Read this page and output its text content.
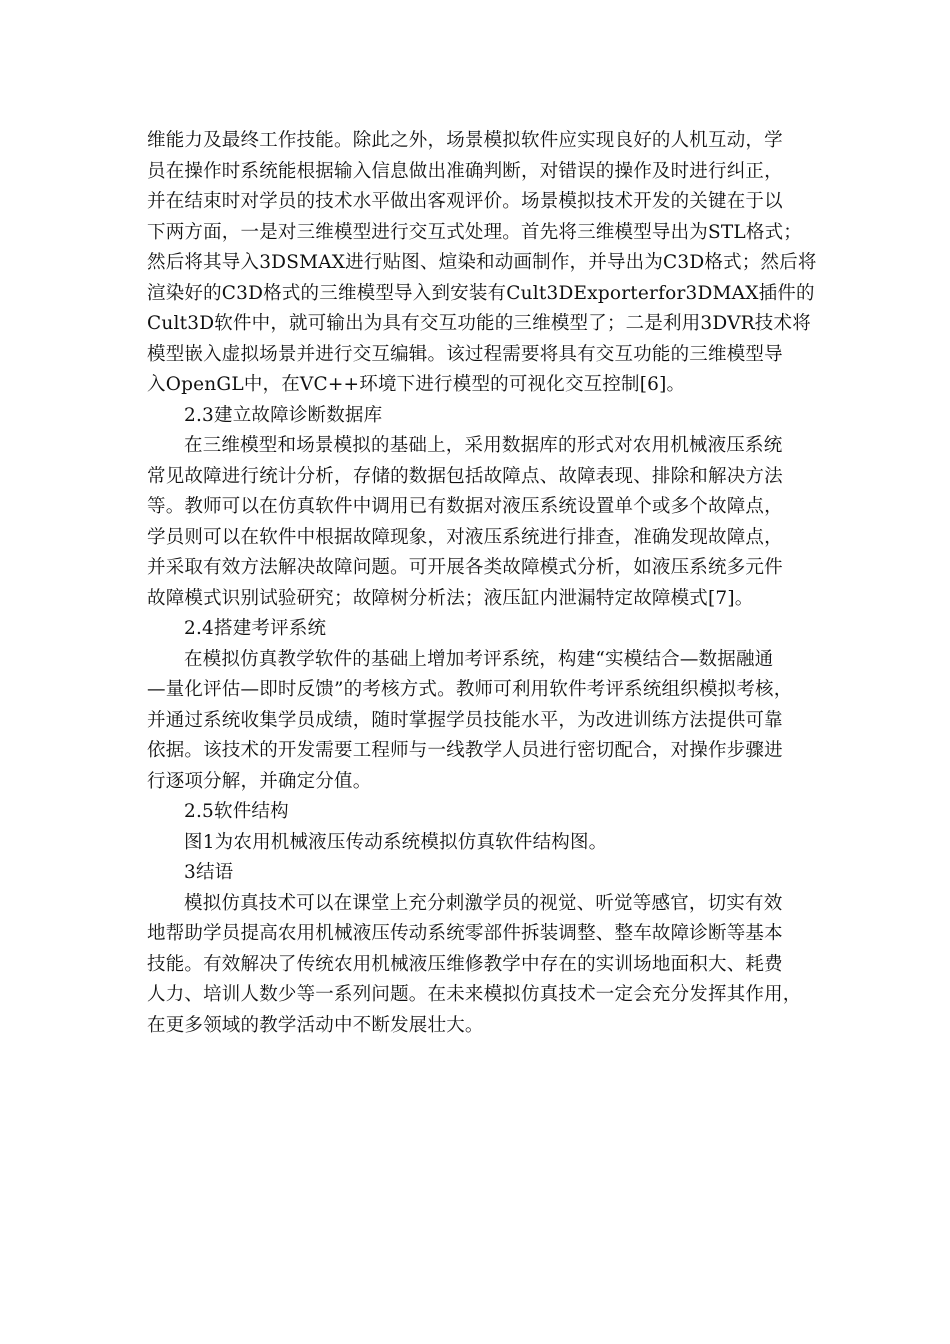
维能力及最终工作技能。除此之外，场景模拟软件应实现良好的人机互动，学
员在操作时系统能根据输入信息做出准确判断，对错误的操作及时进行纠正，
并在结束时对学员的技术水平做出客观评价。场景模拟技术开发的关键在于以
下两方面，一是对三维模型进行交互式处理。首先将三维模型导出为STL格式；
然后将其导入3DSMAX进行贴图、煊染和动画制作，并导出为C3D格式；然后将
渲染好的C3D格式的三维模型导入到安装有Cult3DExporterfor3DMAX插件的
Cult3D软件中，就可输出为具有交互功能的三维模型了；二是利用3DVR技术将
模型嵌入虚拟场景并进行交互编辑。该过程需要将具有交互功能的三维模型导
入OpenGL中，在VC++环境下进行模型的可视化交互控制[6]。
2.3建立故障诊断数据库
在三维模型和场景模拟的基础上，采用数据库的形式对农用机械液压系统
常见故障进行统计分析，存储的数据包括故障点、故障表现、排除和解决方法
等。教师可以在仿真软件中调用已有数据对液压系统设置单个或多个故障点，
学员则可以在软件中根据故障现象，对液压系统进行排查，准确发现故障点，
并采取有效方法解决故障问题。可开展各类故障模式分析，如液压系统多元件
故障模式识别试验研究；故障树分析法；液压缸内泄漏特定故障模式[7]。
2.4搭建考评系统
在模拟仿真教学软件的基础上增加考评系统，构建“实模结合—数据融通
—量化评估—即时反馈”的考核方式。教师可利用软件考评系统组织模拟考核，
并通过系统收集学员成绩，随时掌握学员技能水平，为改进训练方法提供可靠
依据。该技术的开发需要工程师与一线教学人员进行密切配合，对操作步骤进
行逐项分解，并确定分值。
2.5软件结构
图1为农用机械液压传动系统模拟仿真软件结构图。
3结语
模拟仿真技术可以在课堂上充分刺激学员的视觉、听觉等感官，切实有效
地帮助学员提高农用机械液压传动系统零部件拆装调整、整车故障诊断等基本
技能。有效解决了传统农用机械液压维修教学中存在的实训场地面积大、耗费
人力、培训人数少等一系列问题。在未来模拟仿真技术一定会充分发挥其作用，
在更多领域的教学活动中不断发展壮大。
